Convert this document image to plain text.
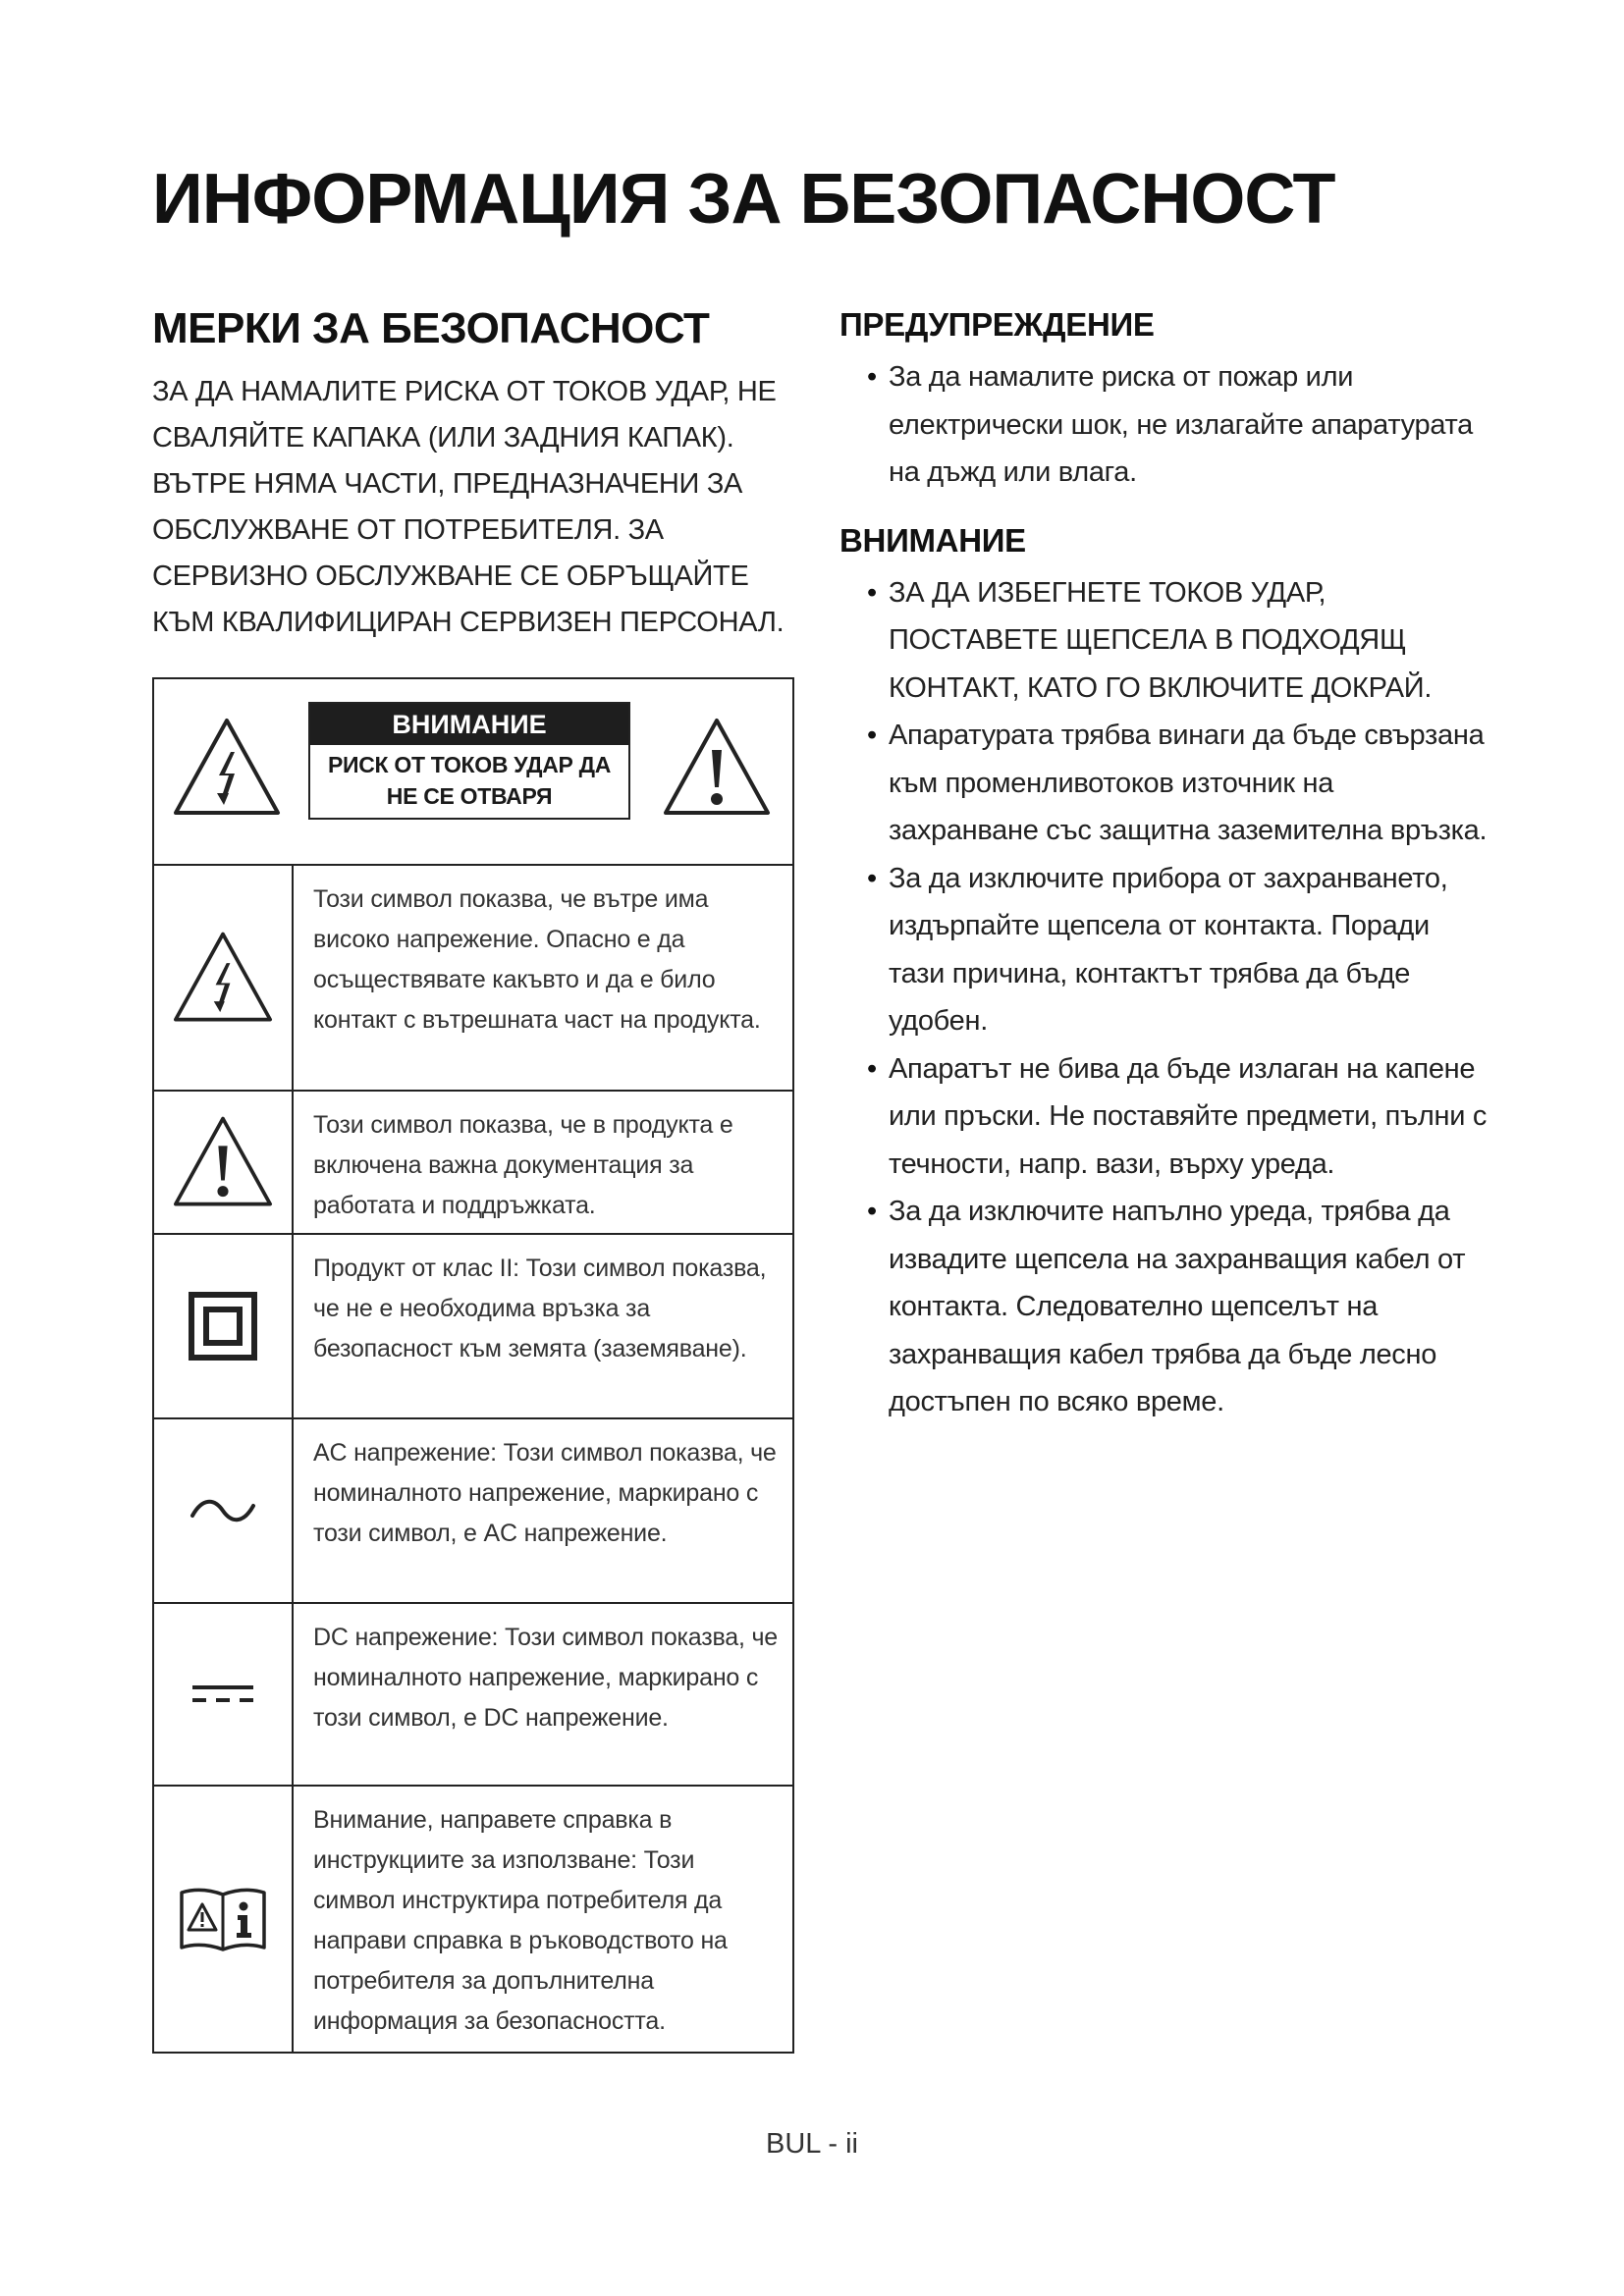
ИНФОРМАЦИЯ ЗА БЕЗОПАСНОСТ
МЕРКИ ЗА БЕЗОПАСНОСТ

ЗА ДА НАМАЛИТЕ РИСКА ОТ ТОКОВ УДАР, НЕ СВАЛЯЙТЕ КАПАКА (ИЛИ ЗАДНИЯ КАПАК). ВЪТРЕ НЯМА ЧАСТИ, ПРЕДНАЗНАЧЕНИ ЗА ОБСЛУЖВАНЕ ОТ ПОТРЕБИТЕЛЯ. ЗА СЕРВИЗНО ОБСЛУЖВАНЕ СЕ ОБРЪЩАЙТЕ КЪМ КВАЛИФИЦИРАН СЕРВИЗЕН ПЕРСОНАЛ.

ВНИМАНИЕ
РИСК ОТ ТОКОВ УДАР ДА НЕ СЕ ОТВАРЯ
Този символ показва, че вътре има високо напрежение. Опасно е да осъществявате какъвто и да е било контакт с вътрешната част на продукта.
Този символ показва, че в продукта е включена важна документация за работата и поддръжката.
Продукт от клас II: Този символ показва, че не е необходима връзка за безопасност към земята (заземяване).
AC напрежение: Този символ показва, че номиналното напрежение, маркирано с този символ, е AC напрежение.
DC напрежение: Този символ показва, че номиналното напрежение, маркирано с този символ, е DC напрежение.
Внимание, направете справка в инструкциите за използване: Този символ инструктира потребителя да направи справка в ръководството на потребителя за допълнителна информация за безопасността.
ПРЕДУПРЕЖДЕНИЕ
• За да намалите риска от пожар или електрически шок, не излагайте апаратурата на дъжд или влага.
ВНИМАНИЕ
• ЗА ДА ИЗБЕГНЕТЕ ТОКОВ УДАР, ПОСТАВЕТЕ ЩЕПСЕЛА В ПОДХОДЯЩ КОНТАКТ, КАТО ГО ВКЛЮЧИТЕ ДОКРАЙ.
• Апаратурата трябва винаги да бъде свързана към променливотоков източник на захранване със защитна заземителна връзка.
• За да изключите прибора от захранването, издърпайте щепсела от контакта. Поради тази причина, контактът трябва да бъде удобен.
• Апаратът не бива да бъде излаган на капене или пръски. Не поставяйте предмети, пълни с течности, напр. вази, върху уреда.
• За да изключите напълно уреда, трябва да извадите щепсела на захранващия кабел от контакта. Следователно щепселът на захранващия кабел трябва да бъде лесно достъпен по всяко време.
BUL - ii
